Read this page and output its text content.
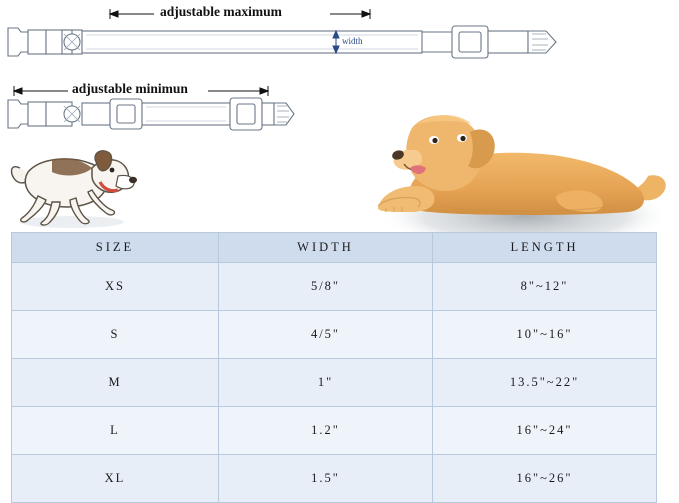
adjustable maximum
adjustable minimun
width
SIZE	WIDTH	LENGTH
XS	5/8"	8"~12"
S	4/5"	10"~16"
M	1"	13.5"~22"
L	1.2"	16"~24"
XL	1.5"	16"~26"
